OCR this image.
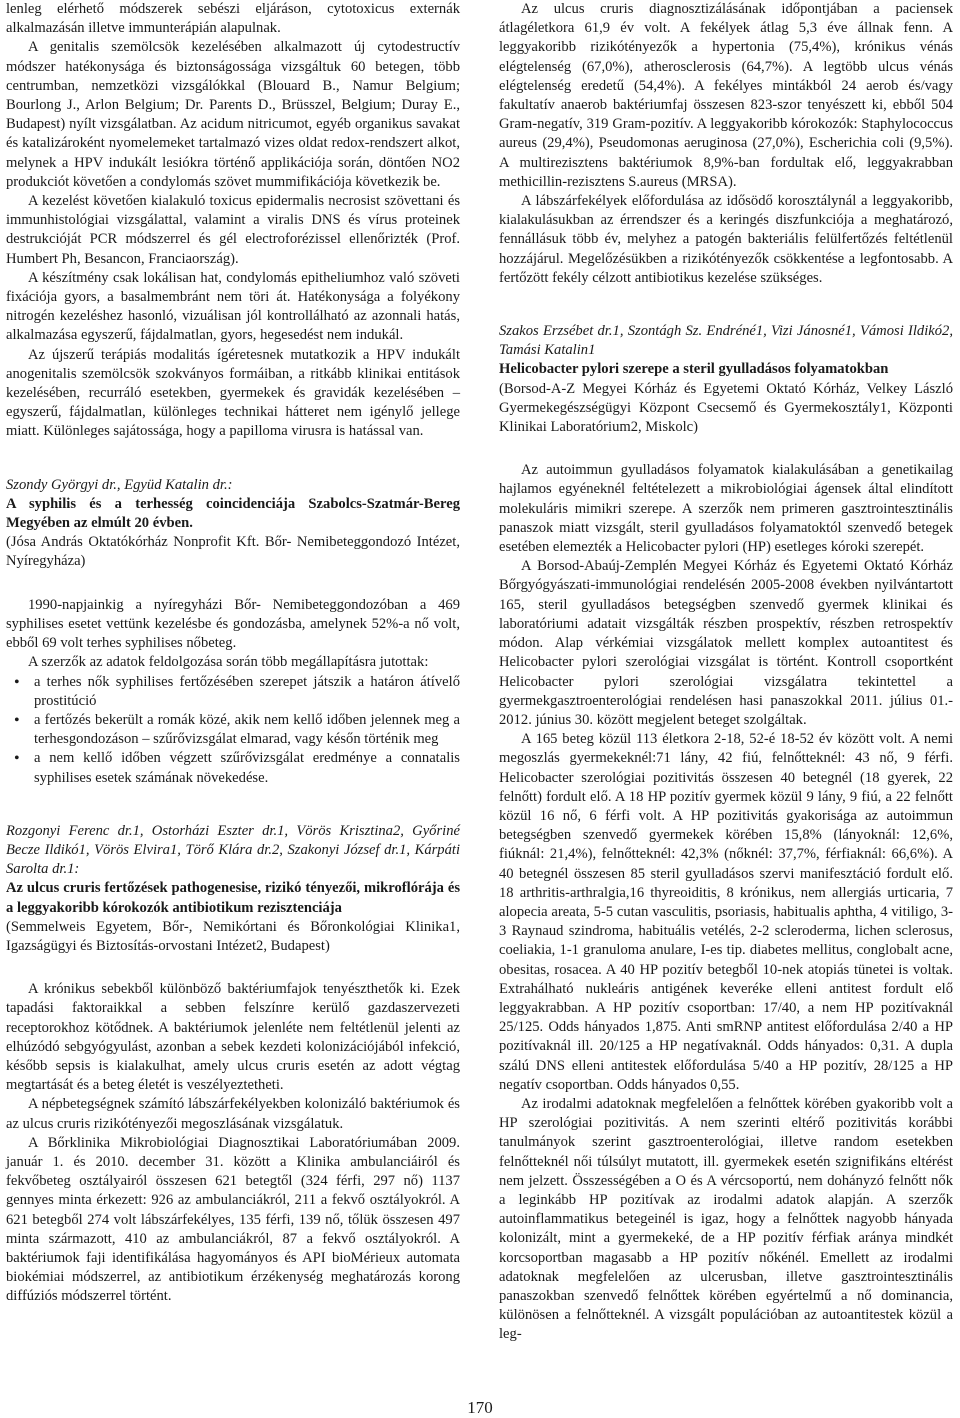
lenleg elérhető módszerek sebészi eljáráson, cytotoxicus externák alkalmazásán illetve immunterápián alapulnak.

A genitalis szemölcsök kezelésében alkalmazott új cytodestructív módszer hatékonysága és biztonságossága vizsgáltuk 60 betegen, több centrumban, nemzetközi vizsgálókkal (Blouard B., Namur Belgium; Bourlong J., Arlon Belgium; Dr. Parents D., Brüsszel, Belgium; Duray E., Budapest) nyílt vizsgálatban. Az acidum nitricumot, egyéb organikus savakat és katalizároként nyomelemeket tartalmazó vizes oldat redox-rendszert alkot, melynek a HPV indukált lesiókra történő applikációja során, döntően NO2 produkciót követően a condylomás szövet mummifikációja következik be.

A kezelést követően kialakuló toxicus epidermalis necrosist szövettani és immunhistológiai vizsgálattal, valamint a viralis DNS és vírus proteinek destrukcióját PCR módszerrel és gél electroforézissel ellenőrizték (Prof. Humbert Ph, Besancon, Franciaország).

A készítmény csak lokálisan hat, condylomás epitheliumhoz való szöveti fixációja gyors, a basalmembránt nem töri át. Hatékonysága a folyékony nitrogén kezeléshez hasonló, vizuálisan jól kontrollálható az azonnali hatás, alkalmazása egyszerű, fájdalmatlan, gyors, hegesedést nem indukál.

Az újszerű terápiás modalitás ígéretesnek mutatkozik a HPV indukált anogenitalis szemölcsök szokványos formáiban, a ritkább klinikai entitások kezelésében, recurráló esetekben, gyermekek és gravidák kezelésében – egyszerű, fájdalmatlan, különleges technikai hátteret nem igénylő jellege miatt. Különleges sajátossága, hogy a papilloma virusra is hatással van.

Szondy Györgyi dr., Együd Katalin dr.:

A syphilis és a terhesség coincidenciája Szabolcs-Szatmár-Bereg Megyében az elmúlt 20 évben.

(Jósa András Oktatókórház Nonprofit Kft. Bőr- Nemibeteggondozó Intézet, Nyíregyháza)

1990-napjainkig a nyíregyházi Bőr- Nemibeteggondozóban a 469 syphilises esetet vettünk kezelésbe és gondozásba, amelynek 52%-a nő volt, ebből 69 volt terhes syphilises nőbeteg.

A szerzők az adatok feldolgozása során több megállapításra jutottak:

• a terhes nők syphilises fertőzésében szerepet játszik a határon átívelő prostitúció
• a fertőzés bekerült a romák közé, akik nem kellő időben jelennek meg a terhesgondozáson – szűrővizsgálat elmarad, vagy későn történik meg
• a nem kellő időben végzett szűrővizsgálat eredménye a connatalis syphilises esetek számának növekedése.

Rozgonyi Ferenc dr.1, Ostorházi Eszter dr.1, Vörös Krisztina2, Győriné Becze Ildikó1, Vörös Elvira1, Törő Klára dr.2, Szakonyi József dr.1, Kárpáti Sarolta dr.1:

Az ulcus cruris fertőzések pathogenesise, rizikó tényezői, mikroflórája és a leggyakoribb kórokozók antibiotikum rezisztenciája

(Semmelweis Egyetem, Bőr-, Nemikórtani és Bőronkológiai Klinika1, Igazságügyi és Biztosítás-orvostani Intézet2, Budapest)

A krónikus sebekből különböző baktériumfajok tenyészthetők ki. Ezek tapadási faktoraikkal a sebben felszínre kerülő gazdaszervezeti receptorokhoz kötődnek. A baktériumok jelenléte nem feltétlenül jelenti az elhúzódó sebgyógyulást, azonban a sebek kezdeti kolonizációjából infekció, később sepsis is kialakulhat, amely ulcus cruris esetén az adott végtag megtartását és a beteg életét is veszélyeztetheti.

A népbetegségnek számító lábszárfekélyekben kolonizáló baktériumok és az ulcus cruris rizikótényezői megoszlásának vizsgálatuk.

A Bőrklinika Mikrobiológiai Diagnosztikai Laboratóriumában 2009. január 1. és 2010. december 31. között a Klinika ambulanciáiról és fekvőbeteg osztályairól összesen 621 betegtől (324 férfi, 297 nő) 1137 gennyes minta érkezett: 926 az ambulanciákról, 211 a fekvő osztályokról. A 621 betegből 274 volt lábszárfekélyes, 135 férfi, 139 nő, tőlük összesen 497 minta származott, 410 az ambulanciákról, 87 a fekvő osztályokról. A baktériumok faji identifikálása hagyományos és API bioMérieux automata biokémiai módszerrel, az antibiotikum érzékenység meghatározás korong diffúziós módszerrel történt.

Az ulcus cruris diagnosztizálásának időpontjában a paciensek átlagéletkora 61,9 év volt. A fekélyek átlag 5,3 éve állnak fenn. A leggyakoribb rizikótényezők a hypertonia (75,4%), krónikus vénás elégtelenség (67,0%), atherosclerosis (64,7%). A legtöbb ulcus vénás elégtelenség eredetű (54,4%). A fekélyes mintákból 24 aerob és/vagy fakultatív anaerob baktériumfaj összesen 823-szor tenyészett ki, ebből 504 Gram-negatív, 319 Gram-pozitív. A leggyakoribb kórokozók: Staphylococcus aureus (29,4%), Pseudomonas aeruginosa (27,0%), Escherichia coli (9,5%). A multirezisztens baktériumok 8,9%-ban fordultak elő, leggyakrabban methicillin-rezisztens S.aureus (MRSA).

A lábszárfekélyek előfordulása az idősödő korosztálynál a leggyakoribb, kialakulásukban az érrendszer és a keringés diszfunkciója a meghatározó, fennállásuk több év, melyhez a patogén bakteriális felülfertőzés feltétlenül hozzájárul. Megelőzésükben a rizikótényezők csökkentése a legfontosabb. A fertőzött fekély célzott antibiotikus kezelése szükséges.

Szakos Erzsébet dr.1, Szontágh Sz. Endréné1, Vizi Jánosné1, Vámosi Ildikó2, Tamási Katalin1

Helicobacter pylori szerepe a steril gyulladásos folyamatokban

(Borsod-A-Z Megyei Kórház és Egyetemi Oktató Kórház, Velkey László Gyermekegészségügyi Központ Csecsemő és Gyermekosztály1, Központi Klinikai Laboratórium2, Miskolc)

Az autoimmun gyulladásos folyamatok kialakulásában a genetikailag hajlamos egyéneknél feltételezett a mikrobiológiai ágensek által elindított molekuláris mimikri szerepe. A szerzők nem primeren gasztrointesztinális panaszok miatt vizsgált, steril gyulladásos folyamatoktól szenvedő betegek esetében elemezték a Helicobacter pylori (HP) esetleges kóroki szerepét.

A Borsod-Abaúj-Zemplén Megyei Kórház és Egyetemi Oktató Kórház Bőrgyógyászati-immunológiai rendelésén 2005-2008 években nyilvántartott 165, steril gyulladásos betegségben szenvedő gyermek klinikai és laboratóriumi adatait vizsgálták részben prospektív, részben retrospektív módon. Alap vérkémiai vizsgálatok mellett komplex autoantitest és Helicobacter pylori szerológiai vizsgálat is történt. Kontroll csoportként Helicobacter pylori szerológiai vizsgálatra tekintettel a gyermekgasztroenterológiai rendelésen hasi panaszokkal 2011. július 01.- 2012. június 30. között megjelent beteget szolgáltak.

A 165 beteg közül 113 életkora 2-18, 52-é 18-52 év között volt. A nemi megoszlás gyermekeknél:71 lány, 42 fiú, felnőtteknél: 43 nő, 9 férfi. Helicobacter szerológiai pozitivitás összesen 40 betegnél (18 gyerek, 22 felnőtt) fordult elő. A 18 HP pozitív gyermek közül 9 lány, 9 fiú, a 22 felnőtt közül 16 nő, 6 férfi volt. A HP pozitivitás gyakorisága az autoimmun betegségben szenvedő gyermekek körében 15,8% (lányoknál: 12,6%, fiúknál: 21,4%), felnőtteknél: 42,3% (nőknél: 37,7%, férfiaknál: 66,6%). A 40 betegnél összesen 85 steril gyulladásos szervi manifesztáció fordult elő. 18 arthritis-arthralgia,16 thyreoiditis, 8 krónikus, nem allergiás urticaria, 7 alopecia areata, 5-5 cutan vasculitis, psoriasis, habitualis aphtha, 4 vitiligo, 3-3 Raynaud szindroma, habituális vetélés, 2-2 scleroderma, lichen sclerosus, coeliakia, 1-1 granuloma anulare, I-es tip. diabetes mellitus, conglobalt acne, obesitas, rosacea. A 40 HP pozitív betegből 10-nek atopiás tünetei is voltak. Extrahálható nukleáris antigének keveréke elleni antitest fordult elő leggyakrabban. A HP pozitív csoportban: 17/40, a nem HP pozitívaknál 25/125. Odds hányados 1,875. Anti smRNP antitest előfordulása 2/40 a HP pozitívaknál ill. 20/125 a HP negatívaknál. Odds hányados: 0,31. A dupla szálú DNS elleni antitestek előfordulása 5/40 a HP pozitív, 28/125 a HP negatív csoportban. Odds hányados 0,55.

Az irodalmi adatoknak megfelelően a felnőttek körében gyakoribb volt a HP szerológiai pozitivitás. A nem szerinti eltérő pozitivitás korábbi tanulmányok szerint gasztroenterológiai, illetve random esetekben felnőtteknél női túlsúlyt mutatott, ill. gyermekek esetén szignifikáns eltérést nem jelzett. Összességében a O és A vércsoportú, nem dohányzó felnőtt nők a leginkább HP pozitívak az irodalmi adatok alapján. A szerzők autoinflammatikus betegeinél is igaz, hogy a felnőttek nagyobb hányada kolonizált, mint a gyermekeké, de a HP pozitív férfiak aránya mindkét korcsoportban magasabb a HP pozitív nőkénél. Emellett az irodalmi adatoknak megfelelően az ulcerusban, illetve gasztrointesztinális panaszokban szenvedő felnőttek körében egyértelmű a nő dominancia, különösen a felnőtteknél. A vizsgált populációban az autoantitestek közül a leg-

170
